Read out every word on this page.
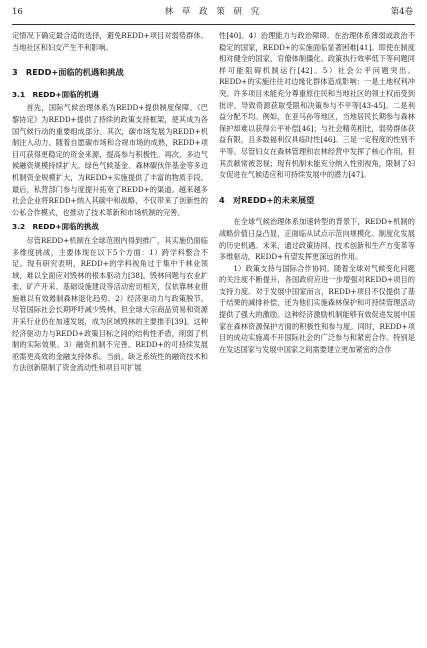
16	林 草 政 策 研 究	第4卷

定情况下确定最合适的选择，避免REDD+项目对弱势群体、当地社区和妇女产生不利影响。

3　REDD+面临的机遇和挑战
3.1　REDD+面临的机遇

首先，国际气候治理体系为REDD+提供制度保障。《巴黎协定》为REDD+提供了持续的政策支持框架，使其成为各国气候行动的重要组成部分。其次，碳市场发展为REDD+机制注入动力。随着自愿碳市场和合规市场的成熟，REDD+项目可获得更稳定的资金来源，提高参与积极性。再次，多边气候融资规模持续扩大。绿色气候基金、森林碳伙伴基金等多边机制资金规模扩大，为REDD+实施提供了丰富的物质手段。最后，私营部门参与度提升拓宽了REDD+的渠道。越来越多社会企业将REDD+纳入其碳中和战略，不仅带来了创新性的公私合作模式，也推动了技术革新和市场机制的完善。

3.2　REDD+面临的挑战

尽管REDD+机制在全球范围内得到推广，其实施仍面临多维度挑战，主要体现在以下5个方面：1）跨学科整合不足。现有研究表明，REDD+的学科视角过于集中于林业领域，难以全面应对毁林的根本驱动力[38]。毁林问题与农业扩张、矿产开采、基础设施建设等活动密切相关，仅依靠林业措施难以有效遏制森林退化趋势。2）经济驱动力与政策脱节。尽管国际社会长期呼吁减少毁林，但全球大宗商品贸易和资源开采行业仍在加速发展，成为区域毁林的主要推手[39]。这种经济驱动力与REDD+政策目标之间的结构性矛盾，削弱了机制的实际效果。3）融资机制不完善。REDD+的可持续发展亟需更高效的金融支持体系。当前，缺乏系统性的融资技术和方法创新限制了资金流动性和项目可扩展

性[40]。4）治理能力与政治障碍。在治理体系薄弱或政治不稳定的国家，REDD+的实施面临显著困难[41]。即使在制度相对健全的国家，官僚体制僵化、政策执行效率低下等问题同样可能阻碍机制运行[42]。5）社会公平问题突出。REDD+的实施往往对边缘化群体造成影响：一是土地权利冲突。许多项目未能充分尊重原住民和当地社区的领土权而受到批评，导致资源获取受限和决策参与不平等[43-45]。二是利益分配不均。例如，在亚马孙等地区，当地居民长期参与森林保护却难以获得公平补偿[46]；与社会精英相比，弱势群体获益有限，且多数福利仅具临时性[46]。三是一定程度的性别不平等。尽管妇女在森林管理和农林经营中发挥了核心作用，但其贡献常被忽视；现有机制未能充分纳入性别视角，限制了妇女促进在气候适应和可持续发展中的潜力[47]。

4　对REDD+的未来展望

在全球气候治理体系加速转型的背景下，REDD+机制的战略价值日益凸显，正面临从试点示范向规模化、制度化发展的历史机遇。未来，通过政策协同、技术创新和生产方变革等多维驱动，REDD+有望发挥更深远的作用。

1）政策支持与国际合作协同。随着全球对气候变化问题的关注度不断提升，各国政府应进一步增强对REDD+项目的支持力度。对于发展中国家而言，REDD+项目不仅提供了基于结果的减排补偿，还为他们实施森林保护和可持续管理活动提供了强大的激励。这种经济激励机制能够有效促进发展中国家在森林资源保护方面的积极性和参与度。同时，REDD+项目的成功实施离不开国际社会的广泛参与和紧密合作。特别是在发达国家与发展中国家之间需要建立更加紧密的合作
